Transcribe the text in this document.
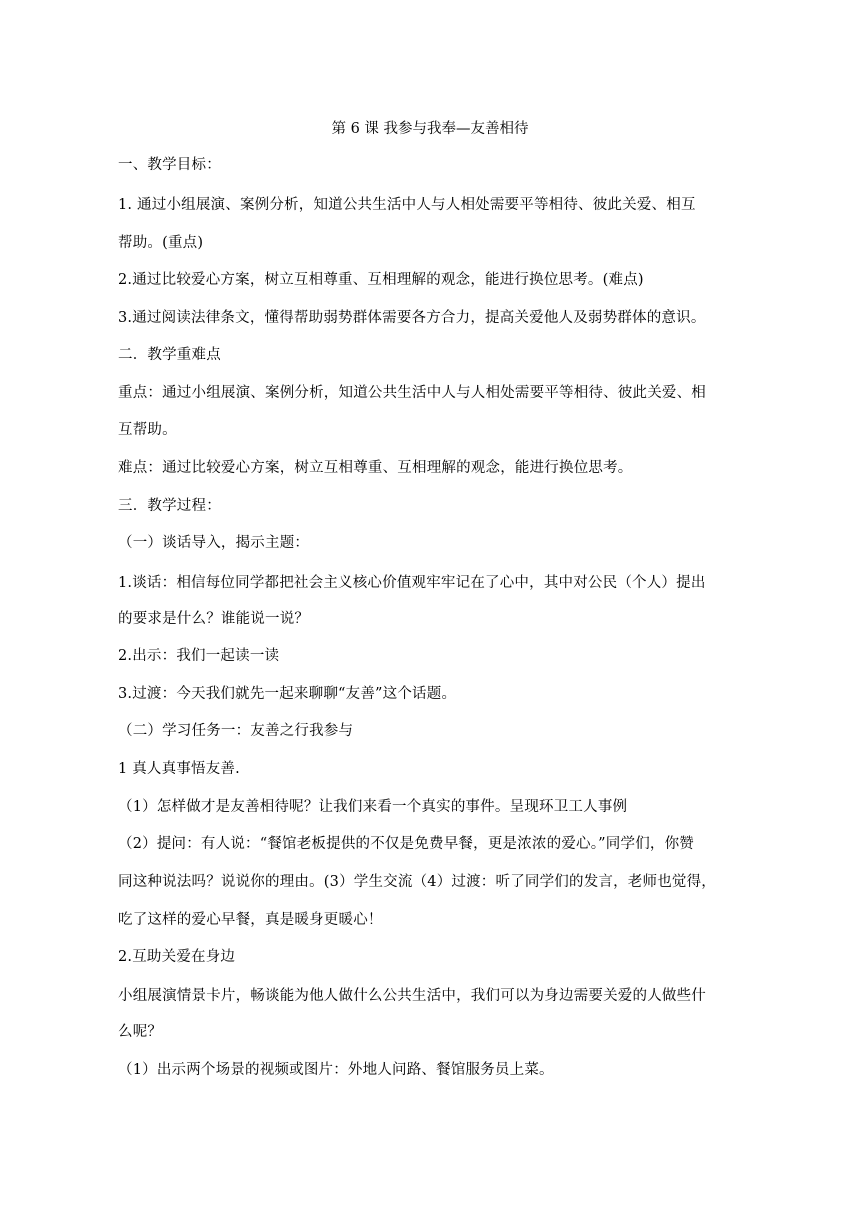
第 6 课 我参与我奉—友善相待
一、教学目标：
1. 通过小组展演、案例分析，知道公共生活中人与人相处需要平等相待、彼此关爱、相互
帮助。(重点)
2.通过比较爱心方案，树立互相尊重、互相理解的观念，能进行换位思考。(难点)
3.通过阅读法律条文，懂得帮助弱势群体需要各方合力，提高关爱他人及弱势群体的意识。
二．教学重难点
重点：通过小组展演、案例分析，知道公共生活中人与人相处需要平等相待、彼此关爱、相
互帮助。
难点：通过比较爱心方案，树立互相尊重、互相理解的观念，能进行换位思考。
三．教学过程：
（一）谈话导入，揭示主题：
1.谈话：相信每位同学都把社会主义核心价值观牢牢记在了心中，其中对公民（个人）提出
的要求是什么？谁能说一说？
2.出示：我们一起读一读
3.过渡：今天我们就先一起来聊聊“友善”这个话题。
（二）学习任务一：友善之行我参与
1 真人真事悟友善.
（1）怎样做才是友善相待呢？让我们来看一个真实的事件。呈现环卫工人事例
（2）提问：有人说：“餐馆老板提供的不仅是免费早餐，更是浓浓的爱心。”同学们，你赞
同这种说法吗？说说你的理由。(3）学生交流（4）过渡：听了同学们的发言，老师也觉得，
吃了这样的爱心早餐，真是暖身更暖心！
2.互助关爱在身边
小组展演情景卡片，畅谈能为他人做什么公共生活中，我们可以为身边需要关爱的人做些什
么呢？
（1）出示两个场景的视频或图片：外地人问路、餐馆服务员上菜。
